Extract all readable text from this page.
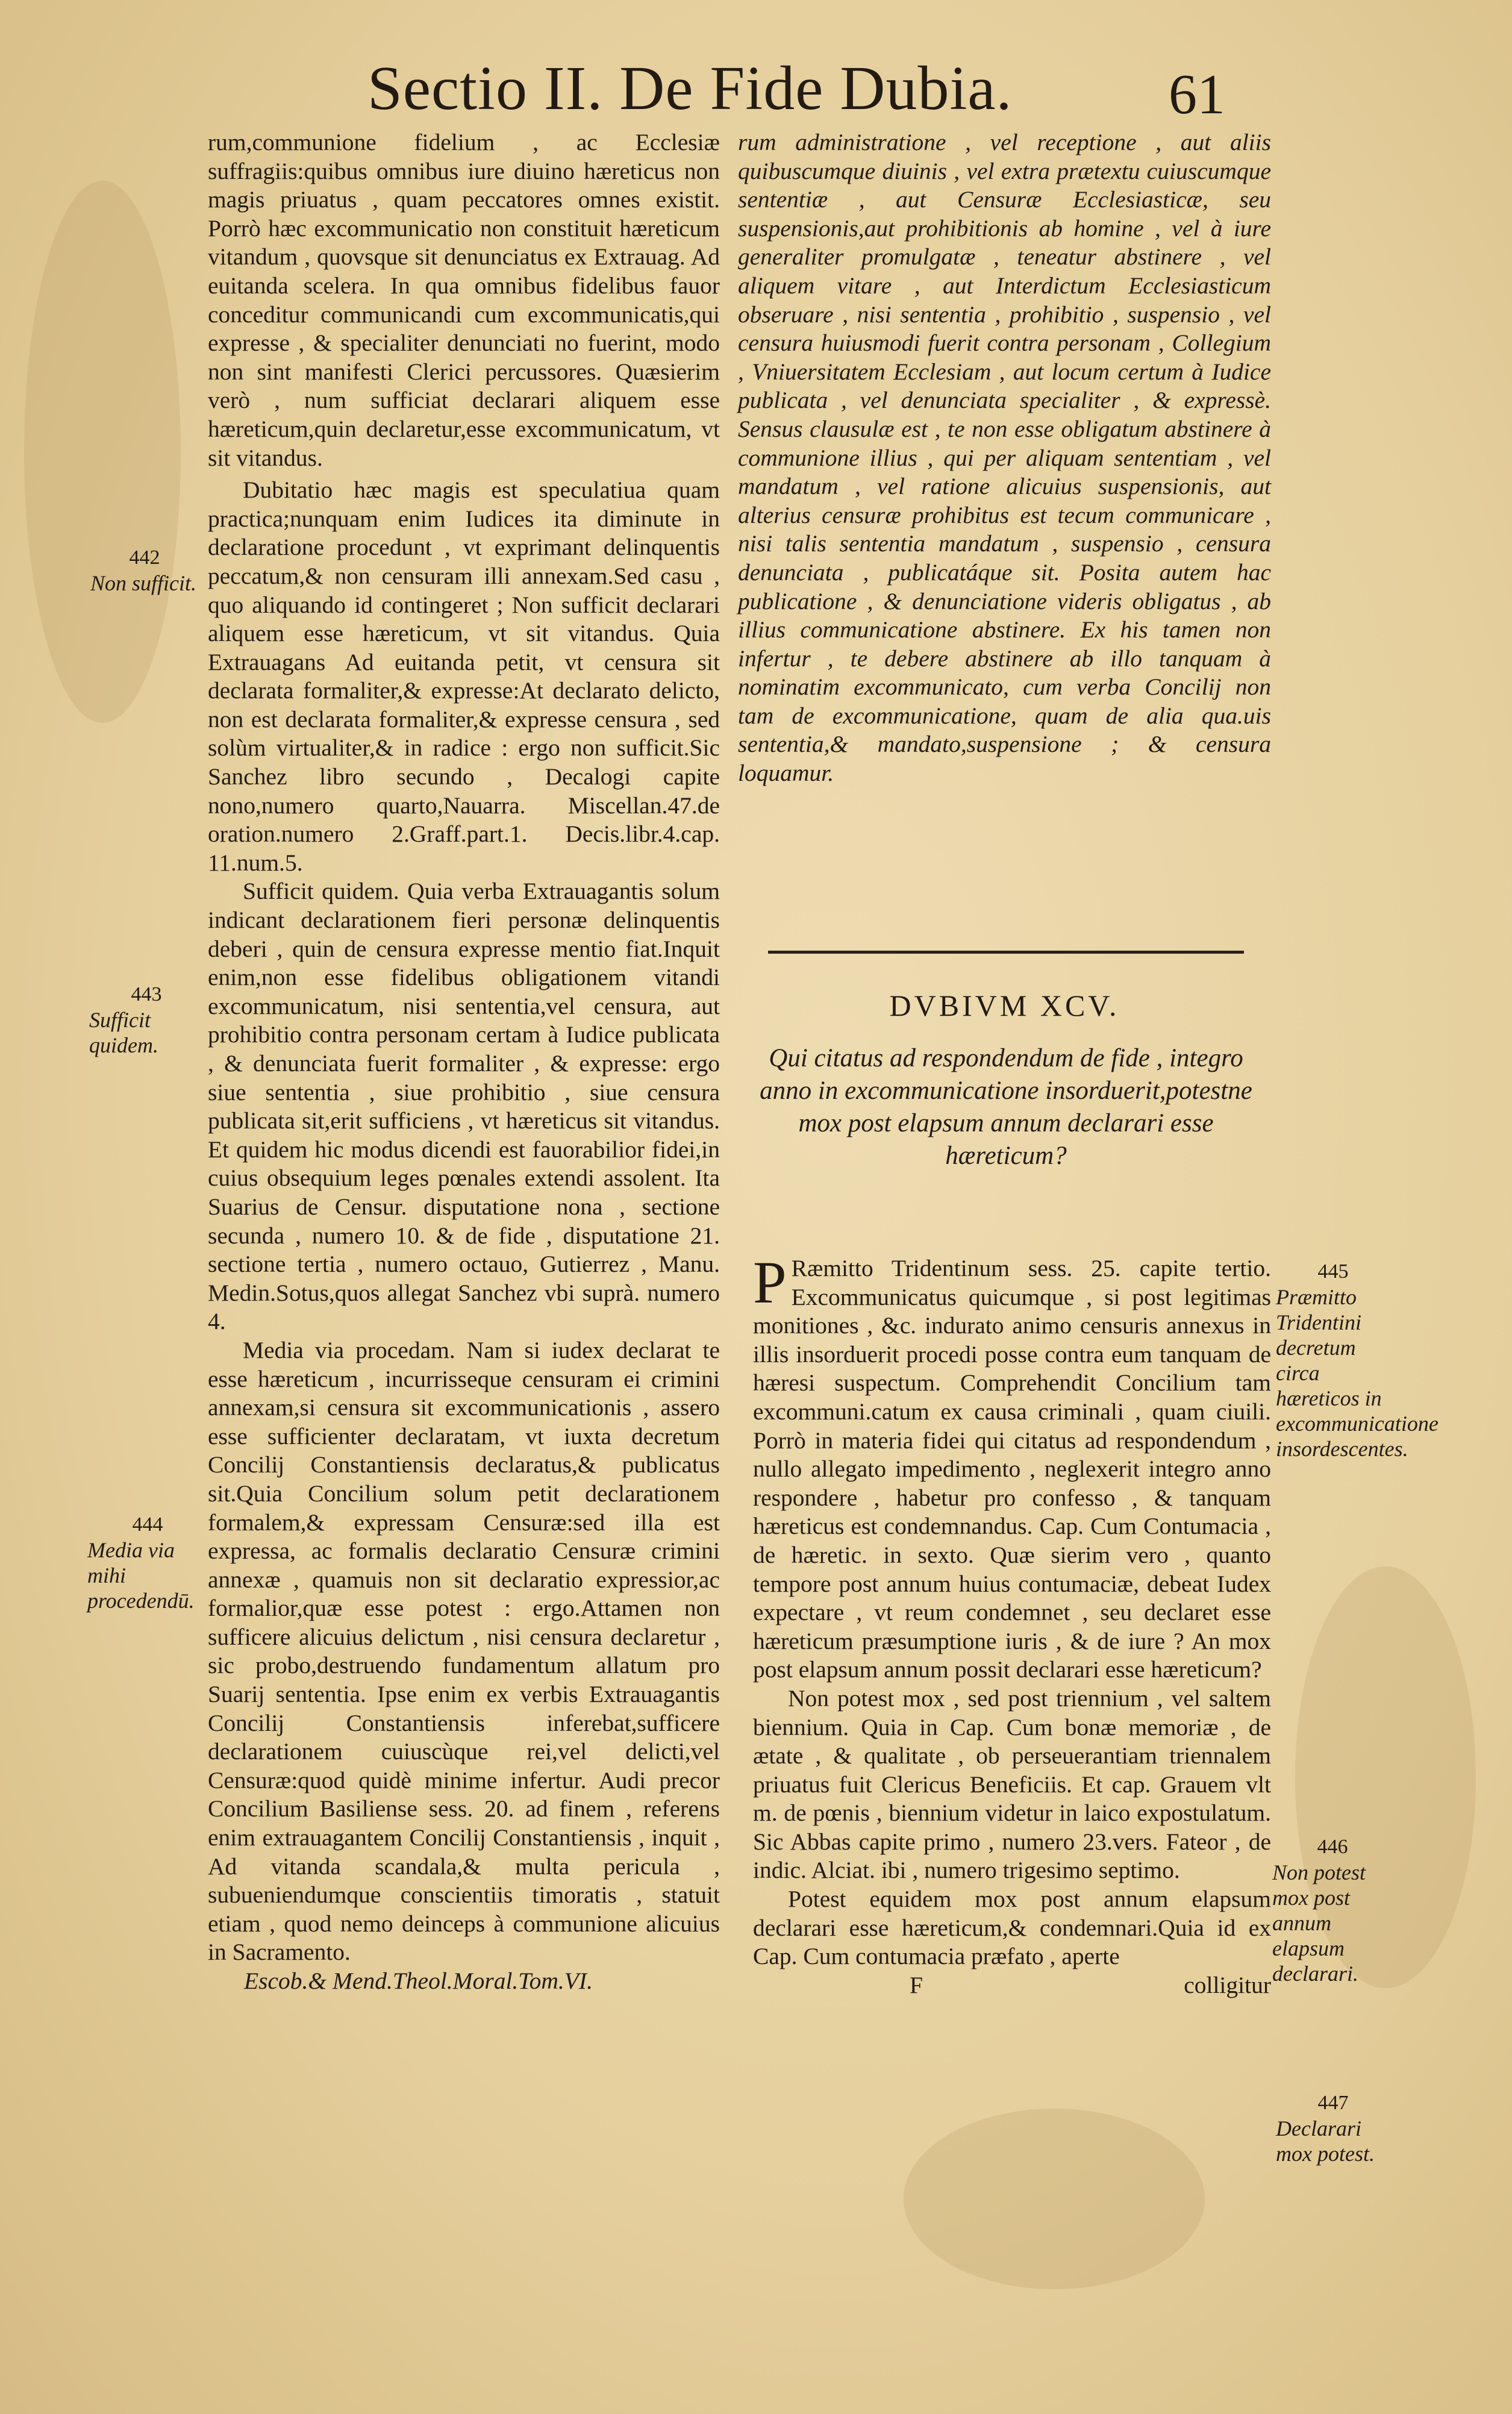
Sectio II. De Fide Dubia.	61

rum,communione fidelium , ac Ecclesiæ suffragiis:quibus omnibus iure diuino hæreticus non magis priuatus , quam peccatores omnes existit. Porrò hæc excommunicatio non constituit hæreticum vitandum , quovsque sit denunciatus ex Extrauag. Ad euitanda scelera. In qua omnibus fidelibus fauor conceditur communicandi cum excommunicatis,qui expresse , & specialiter denunciati no fuerint, modo non sint manifesti Clerici percussores. Quæsierim verò , num sufficiat declarari aliquem esse hæreticum,quin declaretur,esse excommunicatum, vt sit vitandus.

Dubitatio hæc magis est speculatiua quam practica;nunquam enim Iudices ita diminute in declaratione procedunt , vt exprimant delinquentis peccatum,& non censuram illi annexam.Sed casu , quo aliquando id contingeret ; Non sufficit declarari aliquem esse hæreticum, vt sit vitandus. Quia Extrauagans Ad euitanda petit, vt censura sit declarata formaliter,& expresse:At declarato delicto, non est declarata formaliter,& expresse censura , sed solùm virtualiter,& in radice : ergo non sufficit.Sic Sanchez libro secundo , Decalogi capite nono,numero quarto,Nauarra. Miscellan.47.de oration.numero 2.Graff.part.1. Decis.libr.4.cap. 11.num.5.

Sufficit quidem. Quia verba Extrauagantis solum indicant declarationem fieri personæ delinquentis deberi , quin de censura expresse mentio fiat.Inquit enim,non esse fidelibus obligationem vitandi excommunicatum, nisi sententia,vel censura, aut prohibitio contra personam certam à Iudice publicata , & denunciata fuerit formaliter , & expresse: ergo siue sententia , siue prohibitio , siue censura publicata sit,erit sufficiens , vt hæreticus sit vitandus. Et quidem hic modus dicendi est fauorabilior fidei,in cuius obsequium leges pœnales extendi assolent. Ita Suarius de Censur. disputatione nona , sectione secunda , numero 10. & de fide , disputatione 21. sectione tertia , numero octauo, Gutierrez , Manu. Medin.Sotus,quos allegat Sanchez vbi suprà. numero 4.

Media via procedam. Nam si iudex declarat te esse hæreticum , incurrisseque censuram ei crimini annexam,si censura sit excommunicationis , assero esse sufficienter declaratam, vt iuxta decretum Concilij Constantiensis declaratus,& publicatus sit.Quia Concilium solum petit declarationem formalem,& expressam Censuræ:sed illa est expressa, ac formalis declaratio Censuræ crimini annexæ , quamuis non sit declaratio expressior,ac formalior,quæ esse potest : ergo.Attamen non sufficere alicuius delictum , nisi censura declaretur , sic probo,destruendo fundamentum allatum pro Suarij sententia. Ipse enim ex verbis Extrauagantis Concilij Constantiensis inferebat,sufficere declarationem cuiuscùque rei,vel delicti,vel Censuræ:quod quidè minime infertur. Audi precor Concilium Basiliense sess. 20. ad finem , referens enim extrauagantem Concilij Constantiensis , inquit , Ad vitanda scandala,& multa pericula , subueniendumque conscientiis timoratis , statuit etiam , quod nemo deinceps à communione alicuius in Sacramento.

Escob.& Mend.Theol.Moral.Tom.VI.

rum administratione , vel receptione , aut aliis quibuscumque diuinis , vel extra prætextu cuiuscumque sententiæ , aut Censuræ Ecclesiasticæ, seu suspensionis,aut prohibitionis ab homine , vel à iure generaliter promulgatæ , teneatur abstinere , vel aliquem vitare , aut Interdictum Ecclesiasticum obseruare , nisi sententia , prohibitio , suspensio , vel censura huiusmodi fuerit contra personam , Collegium , Vniuersitatem Ecclesiam , aut locum certum à Iudice publicata , vel denunciata specialiter , & expressè. Sensus clausulæ est , te non esse obligatum abstinere à communione illius , qui per aliquam sententiam , vel mandatum , vel ratione alicuius suspensionis, aut alterius censuræ prohibitus est tecum communicare , nisi talis sententia mandatum , suspensio , censura denunciata , publicatáque sit. Posita autem hac publicatione , & denunciatione videris obligatus , ab illius communicatione abstinere. Ex his tamen non infertur , te debere abstinere ab illo tanquam à nominatim excommunicato, cum verba Concilij non tam de excommunicatione, quam de alia qua.uis sententia,& mandato,suspensione ; & censura loquamur.

DVBIVM XCV.
Qui citatus ad respondendum de fide , integro anno in excommunicatione insorduerit,potestne mox post elapsum annum declarari esse hæreticum?

PRæmitto Tridentinum sess. 25. capite tertio. Excommunicatus quicumque , si post legitimas monitiones , &c. indurato animo censuris annexus in illis insorduerit procedi posse contra eum tanquam de hæresi suspectum. Comprehendit Concilium tam excommuni.catum ex causa criminali , quam ciuili. Porrò in materia fidei qui citatus ad respondendum , nullo allegato impedimento , neglexerit integro anno respondere , habetur pro confesso , & tanquam hæreticus est condemnandus. Cap. Cum Contumacia , de hæretic. in sexto. Quæ sierim vero , quanto tempore post annum huius contumaciæ, debeat Iudex expectare , vt reum condemnet , seu declaret esse hæreticum præsumptione iuris , & de iure ? An mox post elapsum annum possit declarari esse hæreticum?

Non potest mox , sed post triennium , vel saltem biennium. Quia in Cap. Cum bonæ memoriæ , de ætate , & qualitate , ob perseuerantiam triennalem priuatus fuit Clericus Beneficiis. Et cap. Grauem vlt m. de pœnis , biennium videtur in laico expostulatum. Sic Abbas capite primo , numero 23.vers. Fateor , de indic. Alciat. ibi , numero trigesimo septimo.

Potest equidem mox post annum elapsum declarari esse hæreticum,& condemnari.Quia id ex Cap. Cum contumacia præfato , aperte

F	colligitur
442
Non sufficit.
443
Sufficit quidem.
444
Media via mihi procedendū.
445
Præmitto Tridentini decretum circa hæreticos in excommunicatione insordescentes.
446
Non potest mox post annum elapsum declarari.
447
Declarari mox potest.
